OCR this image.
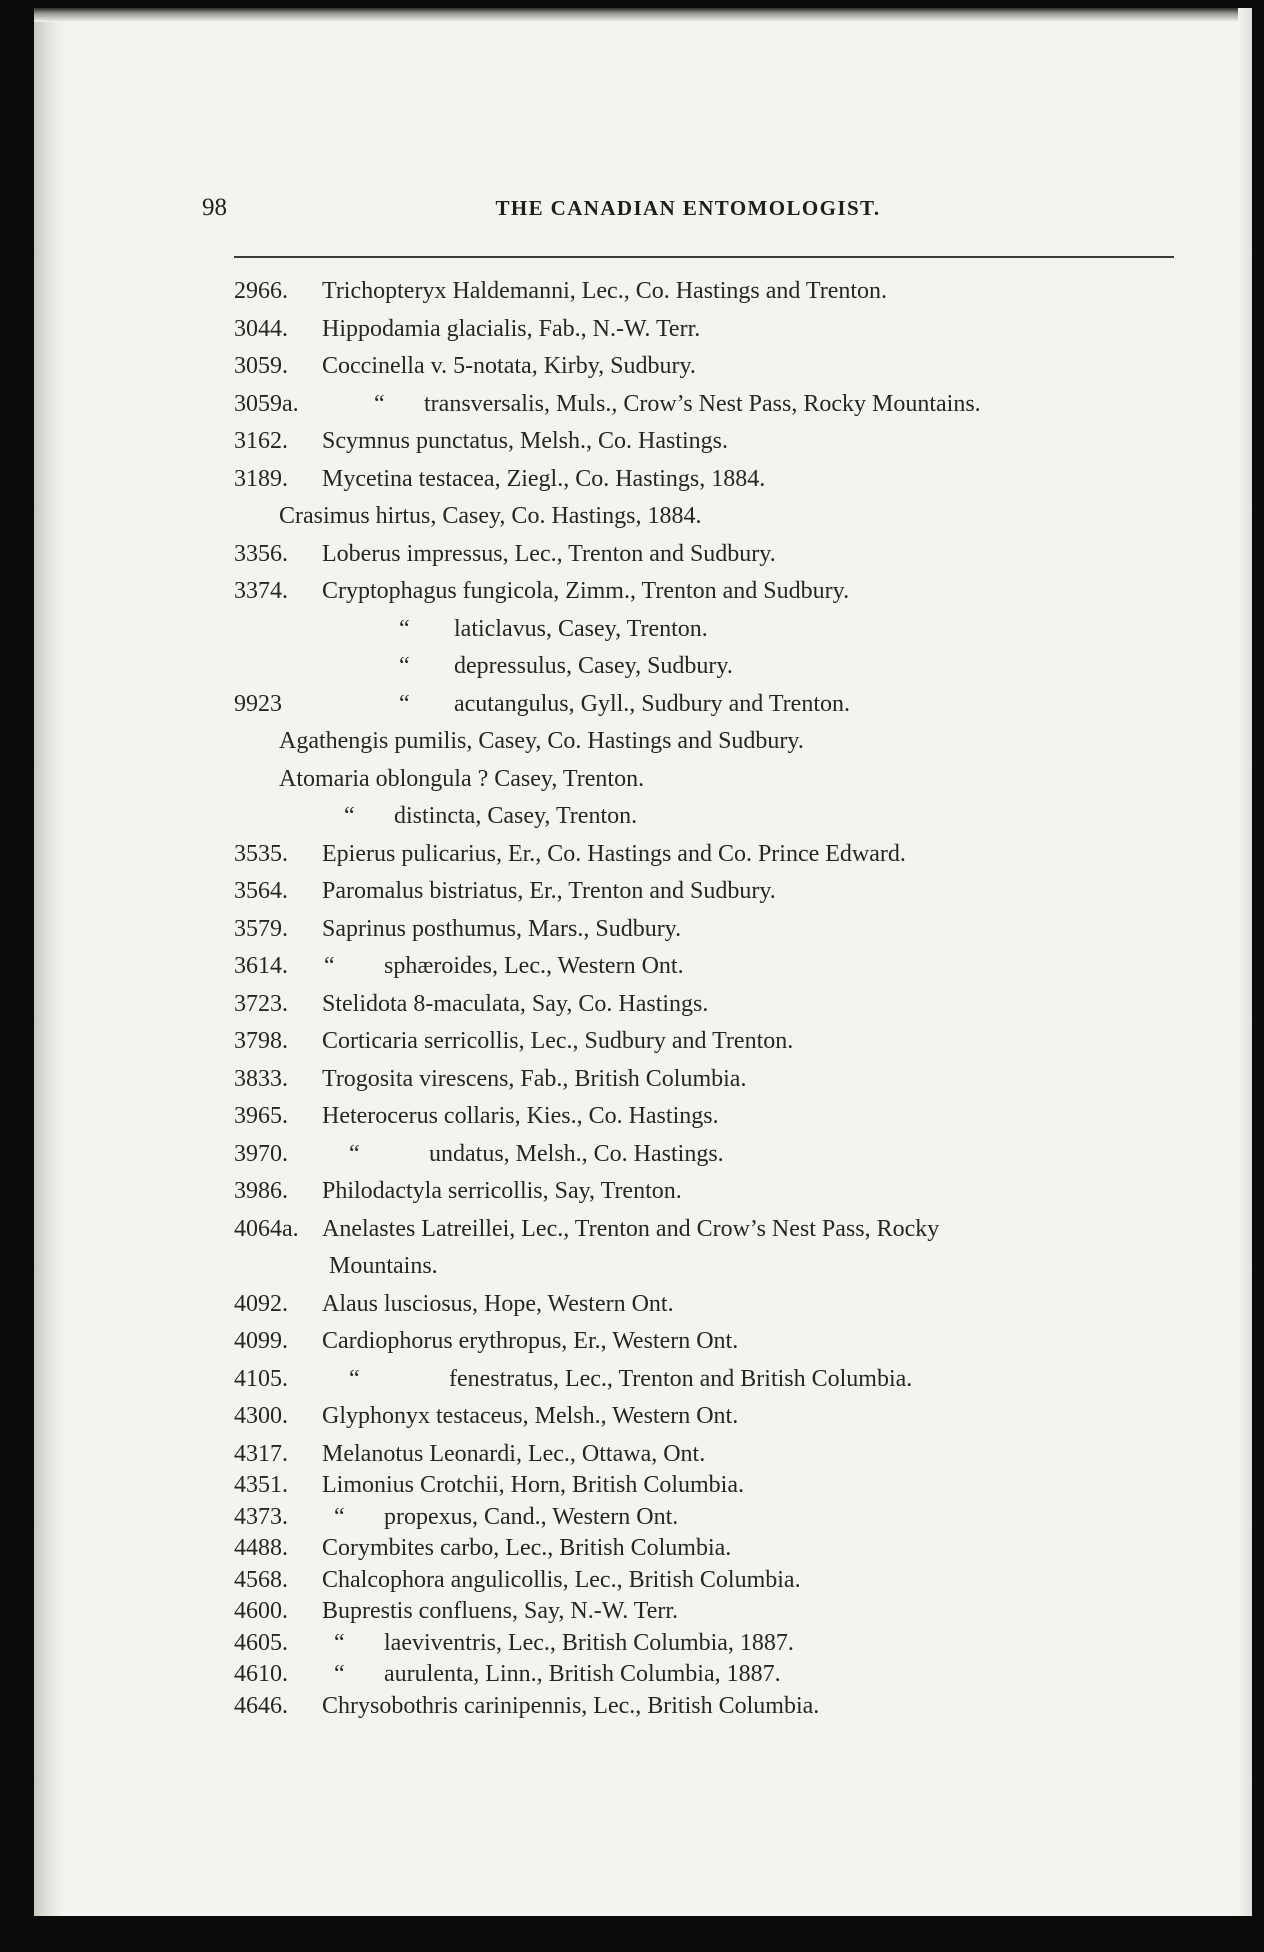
98	THE CANADIAN ENTOMOLOGIST.
2966. Trichopteryx Haldemanni, Lec., Co. Hastings and Trenton.
3044. Hippodamia glacialis, Fab., N.-W. Terr.
3059. Coccinella v. 5-notata, Kirby, Sudbury.
3059a.	“ transversalis, Muls., Crow’s Nest Pass, Rocky Mountains.
3162. Scymnus punctatus, Melsh., Co. Hastings.
3189. Mycetina testacea, Ziegl., Co. Hastings, 1884.
Crasimus hirtus, Casey, Co. Hastings, 1884.
3356. Loberus impressus, Lec., Trenton and Sudbury.
3374. Cryptophagus fungicola, Zimm., Trenton and Sudbury.
“ laticlavus, Casey, Trenton.
“ depressulus, Casey, Sudbury.
9923	“ acutangulus, Gyll., Sudbury and Trenton.
Agathengis pumilis, Casey, Co. Hastings and Sudbury.
Atomaria oblongula ? Casey, Trenton.
“ distincta, Casey, Trenton.
3535. Epierus pulicarius, Er., Co. Hastings and Co. Prince Edward.
3564. Paromalus bistriatus, Er., Trenton and Sudbury.
3579. Saprinus posthumus, Mars., Sudbury.
3614. “ sphæroides, Lec., Western Ont.
3723. Stelidota 8-maculata, Say, Co. Hastings.
3798. Corticaria serricollis, Lec., Sudbury and Trenton.
3833. Trogosita virescens, Fab., British Columbia.
3965. Heterocerus collaris, Kies., Co. Hastings.
3970.	“	undatus, Melsh., Co. Hastings.
3986. Philodactyla serricollis, Say, Trenton.
4064a. Anelastes Latreillei, Lec., Trenton and Crow’s Nest Pass, Rocky
Mountains.
4092. Alaus lusciosus, Hope, Western Ont.
4099. Cardiophorus erythropus, Er., Western Ont.
4105.	“	fenestratus, Lec., Trenton and British Columbia.
4300. Glyphonyx testaceus, Melsh., Western Ont.
4317. Melanotus Leonardi, Lec., Ottawa, Ont.
4351. Limonius Crotchii, Horn, British Columbia.
4373. “ propexus, Cand., Western Ont.
4488. Corymbites carbo, Lec., British Columbia.
4568. Chalcophora angulicollis, Lec., British Columbia.
4600. Buprestis confluens, Say, N.-W. Terr.
4605. “ laeviventris, Lec., British Columbia, 1887.
4610. “ aurulenta, Linn., British Columbia, 1887.
4646. Chrysobothris carinipennis, Lec., British Columbia.
